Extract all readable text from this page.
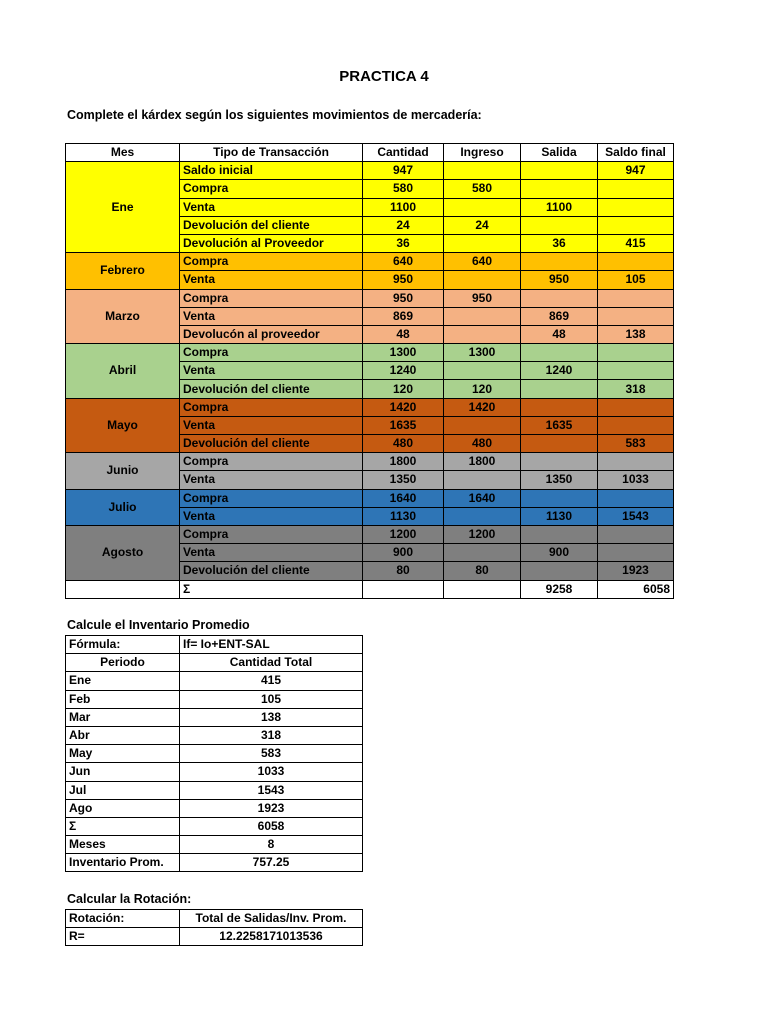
PRACTICA 4
Complete el kárdex según los siguientes movimientos de mercadería:
Mes	Tipo de Transacción	Cantidad	Ingreso	Salida	Saldo final
Ene	Saldo inicial	947			947
	Compra	580	580		
	Venta	1100		1100	
	Devolución del cliente	24	24		
	Devolución al Proveedor	36		36	415
Febrero	Compra	640	640		
	Venta	950		950	105
Marzo	Compra	950	950		
	Venta	869		869	
	Devolucón al proveedor	48		48	138
Abril	Compra	1300	1300		
	Venta	1240		1240	
	Devolución del cliente	120	120		318
Mayo	Compra	1420	1420		
	Venta	1635		1635	
	Devolución del cliente	480	480		583
Junio	Compra	1800	1800		
	Venta	1350		1350	1033
Julio	Compra	1640	1640		
	Venta	1130		1130	1543
Agosto	Compra	1200	1200		
	Venta	900		900	
	Devolución del cliente	80	80		1923
	Σ			9258	6058
Calcule el Inventario Promedio
Fórmula:	If= Io+ENT-SAL
Periodo	Cantidad Total
Ene	415
Feb	105
Mar	138
Abr	318
May	583
Jun	1033
Jul	1543
Ago	1923
Σ	6058
Meses	8
Inventario Prom.	757.25
Calcular la Rotación:
Rotación:	Total de Salidas/Inv. Prom.
R=	12.2258171013536
